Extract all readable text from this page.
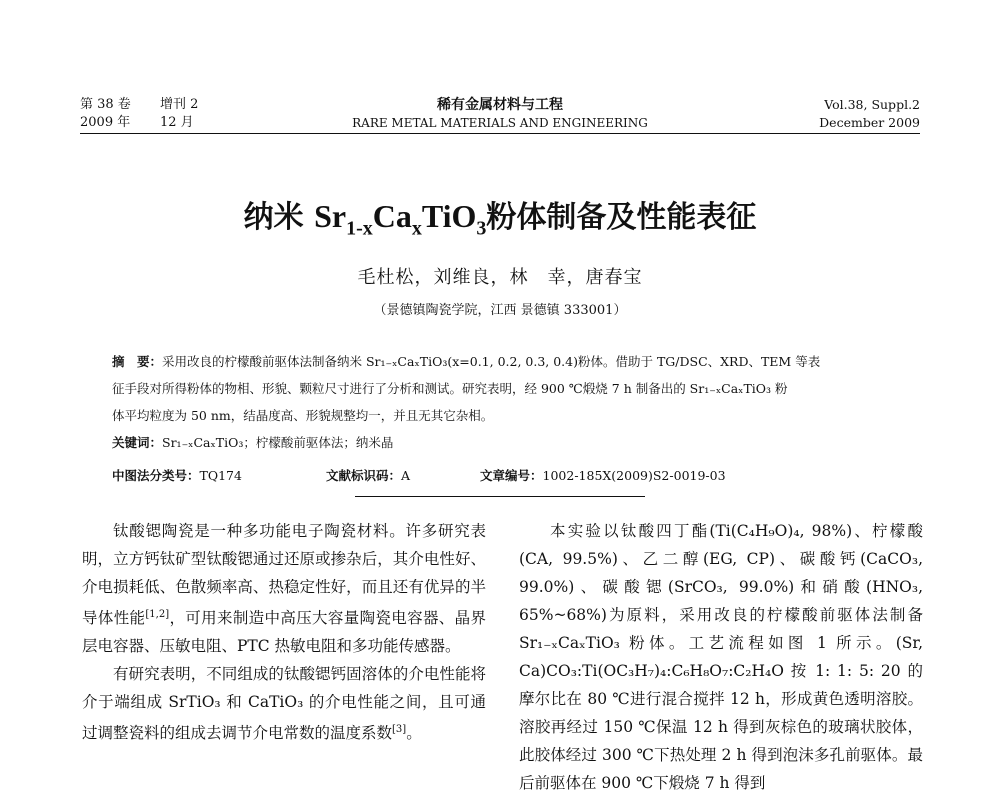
第 38 卷 增刊 2
2009 年 12 月
稀有金属材料与工程
RARE METAL MATERIALS AND ENGINEERING
Vol.38, Suppl.2
December 2009
纳米 $Sr_{1-x}Ca_xTiO_3$粉体制备及性能表征
毛杜松，刘维良，林　幸，唐春宝
（景德镇陶瓷学院，江西 景德镇 333001）
摘　要：采用改良的柠檬酸前驱体法制备纳米 Sr₁₋ₓCaₓTiO₃(x=0.1, 0.2, 0.3, 0.4)粉体。借助于 TG/DSC、XRD、TEM 等表
征手段对所得粉体的物相、形貌、颗粒尺寸进行了分析和测试。研究表明，经 900 ℃煅烧 7 h 制备出的 Sr₁₋ₓCaₓTiO₃ 粉
体平均粒度为 50 nm，结晶度高、形貌规整均一，并且无其它杂相。
关键词：Sr₁₋ₓCaₓTiO₃；柠檬酸前驱体法；纳米晶
中图法分类号：TQ174	文献标识码：A	文章编号：1002-185X(2009)S2-0019-03

钛酸锶陶瓷是一种多功能电子陶瓷材料。许多研究表明，立方钙钛矿型钛酸锶通过还原或掺杂后，其介电性好、介电损耗低、色散频率高、热稳定性好，而且还有优异的半导体性能[1,2]，可用来制造中高压大容量陶瓷电容器、晶界层电容器、压敏电阻、PTC 热敏电阻和多功能传感器。

有研究表明，不同组成的钛酸锶钙固溶体的介电性能将介于端组成 SrTiO₃ 和 CaTiO₃ 的介电性能之间，且可通过调整瓷料的组成去调节介电常数的温度系数[3]。

本实验以钛酸四丁酯(Ti(C₄H₉O)₄, 98%)、柠檬酸(CA, 99.5%)、乙二醇(EG, CP)、碳酸钙(CaCO₃, 99.0%)、碳酸锶(SrCO₃, 99.0%)和硝酸(HNO₃, 65%~68%)为原料，采用改良的柠檬酸前驱体法制备 Sr₁₋ₓCaₓTiO₃ 粉体。工艺流程如图 1 所示。(Sr, Ca)CO₃:Ti(OC₃H₇)₄:C₆H₈O₇:C₂H₄O 按 1: 1: 5: 20 的摩尔比在 80 ℃进行混合搅拌 12 h，形成黄色透明溶胶。溶胶再经过 150 ℃保温 12 h 得到灰棕色的玻璃状胶体，此胶体经过 300 ℃下热处理 2 h 得到泡沫多孔前驱体。最后前驱体在 900 ℃下煅烧 7 h 得到
